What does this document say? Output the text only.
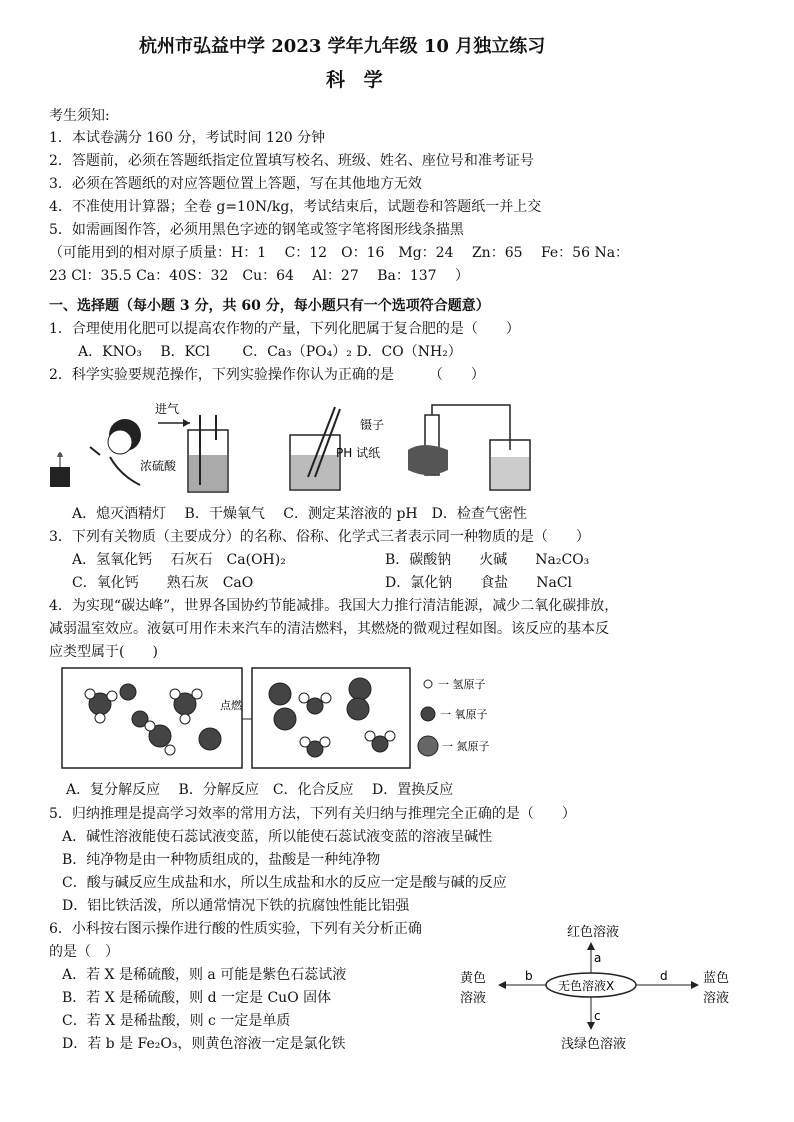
杭州市弘益中学 2023 学年九年级 10 月独立练习
科 学
考生须知:
1．本试卷满分 160 分，考试时间 120 分钟
2．答题前，必须在答题纸指定位置填写校名、班级、姓名、座位号和准考证号
3．必须在答题纸的对应答题位置上答题，写在其他地方无效
4．不准使用计算器；全卷 g=10N/kg，考试结束后，试题卷和答题纸一并上交
5．如需画图作答，必须用黑色字迹的钢笔或签字笔将图形线条描黑
（可能用到的相对原子质量：H：1　 C：12　O：16　Mg：24　 Zn：65　 Fe：56 Na：
23 Cl：35.5 Ca：40S：32　Cu：64　 Al：27　 Ba：137　 ）
一、选择题（每小题 3 分，共 60 分，每小题只有一个选项符合题意）
1．合理使用化肥可以提高农作物的产量，下列化肥属于复合肥的是（　　）
A．KNO₃　 B．KCl　　 C．Ca₃（PO₄）₂ D．CO（NH₂）
2．科学实验要规范操作，下列实验操作你认为正确的是　　　（　　）
进气
浓硫酸
镊子
PH 试纸
A．熄灭酒精灯　 B．干燥氧气　 C．测定某溶液的 pH　D．检查气密性
3．下列有关物质（主要成分）的名称、俗称、化学式三者表示同一种物质的是（　　）
A．氢氧化钙　 石灰石　Ca(OH)₂	B．碳酸钠　　火碱　　Na₂CO₃
C．氧化钙　　熟石灰　CaO	D．氯化钠　　食盐　　NaCl
4．为实现“碳达峰”，世界各国协约节能减排。我国大力推行清洁能源，减少二氧化碳排放，
减弱温室效应。液氨可用作未来汽车的清洁燃料，其燃烧的微观过程如图。该反应的基本反
应类型属于(　　)
点燃
一 氢原子
一 氧原子
一 氮原子
A．复分解反应　 B．分解反应　C．化合反应　 D．置换反应
5．归纳推理是提高学习效率的常用方法，下列有关归纳与推理完全正确的是（　　）
A．碱性溶液能使石蕊试液变蓝，所以能使石蕊试液变蓝的溶液呈碱性
B．纯净物是由一种物质组成的，盐酸是一种纯净物
C．酸与碱反应生成盐和水，所以生成盐和水的反应一定是酸与碱的反应
D．铝比铁活泼，所以通常情况下铁的抗腐蚀性能比铝强
6．小科按右图示操作进行酸的性质实验，下列有关分析正确
的是（　）
A．若 X 是稀硫酸，则 a 可能是紫色石蕊试液
B．若 X 是稀硫酸，则 d 一定是 CuO 固体
C．若 X 是稀盐酸，则 c 一定是单质
D．若 b 是 Fe₂O₃，则黄色溶液一定是氯化铁
红色溶液
黄色
溶液
蓝色
溶液
浅绿色溶液
无色溶液X
a
b
c
d
